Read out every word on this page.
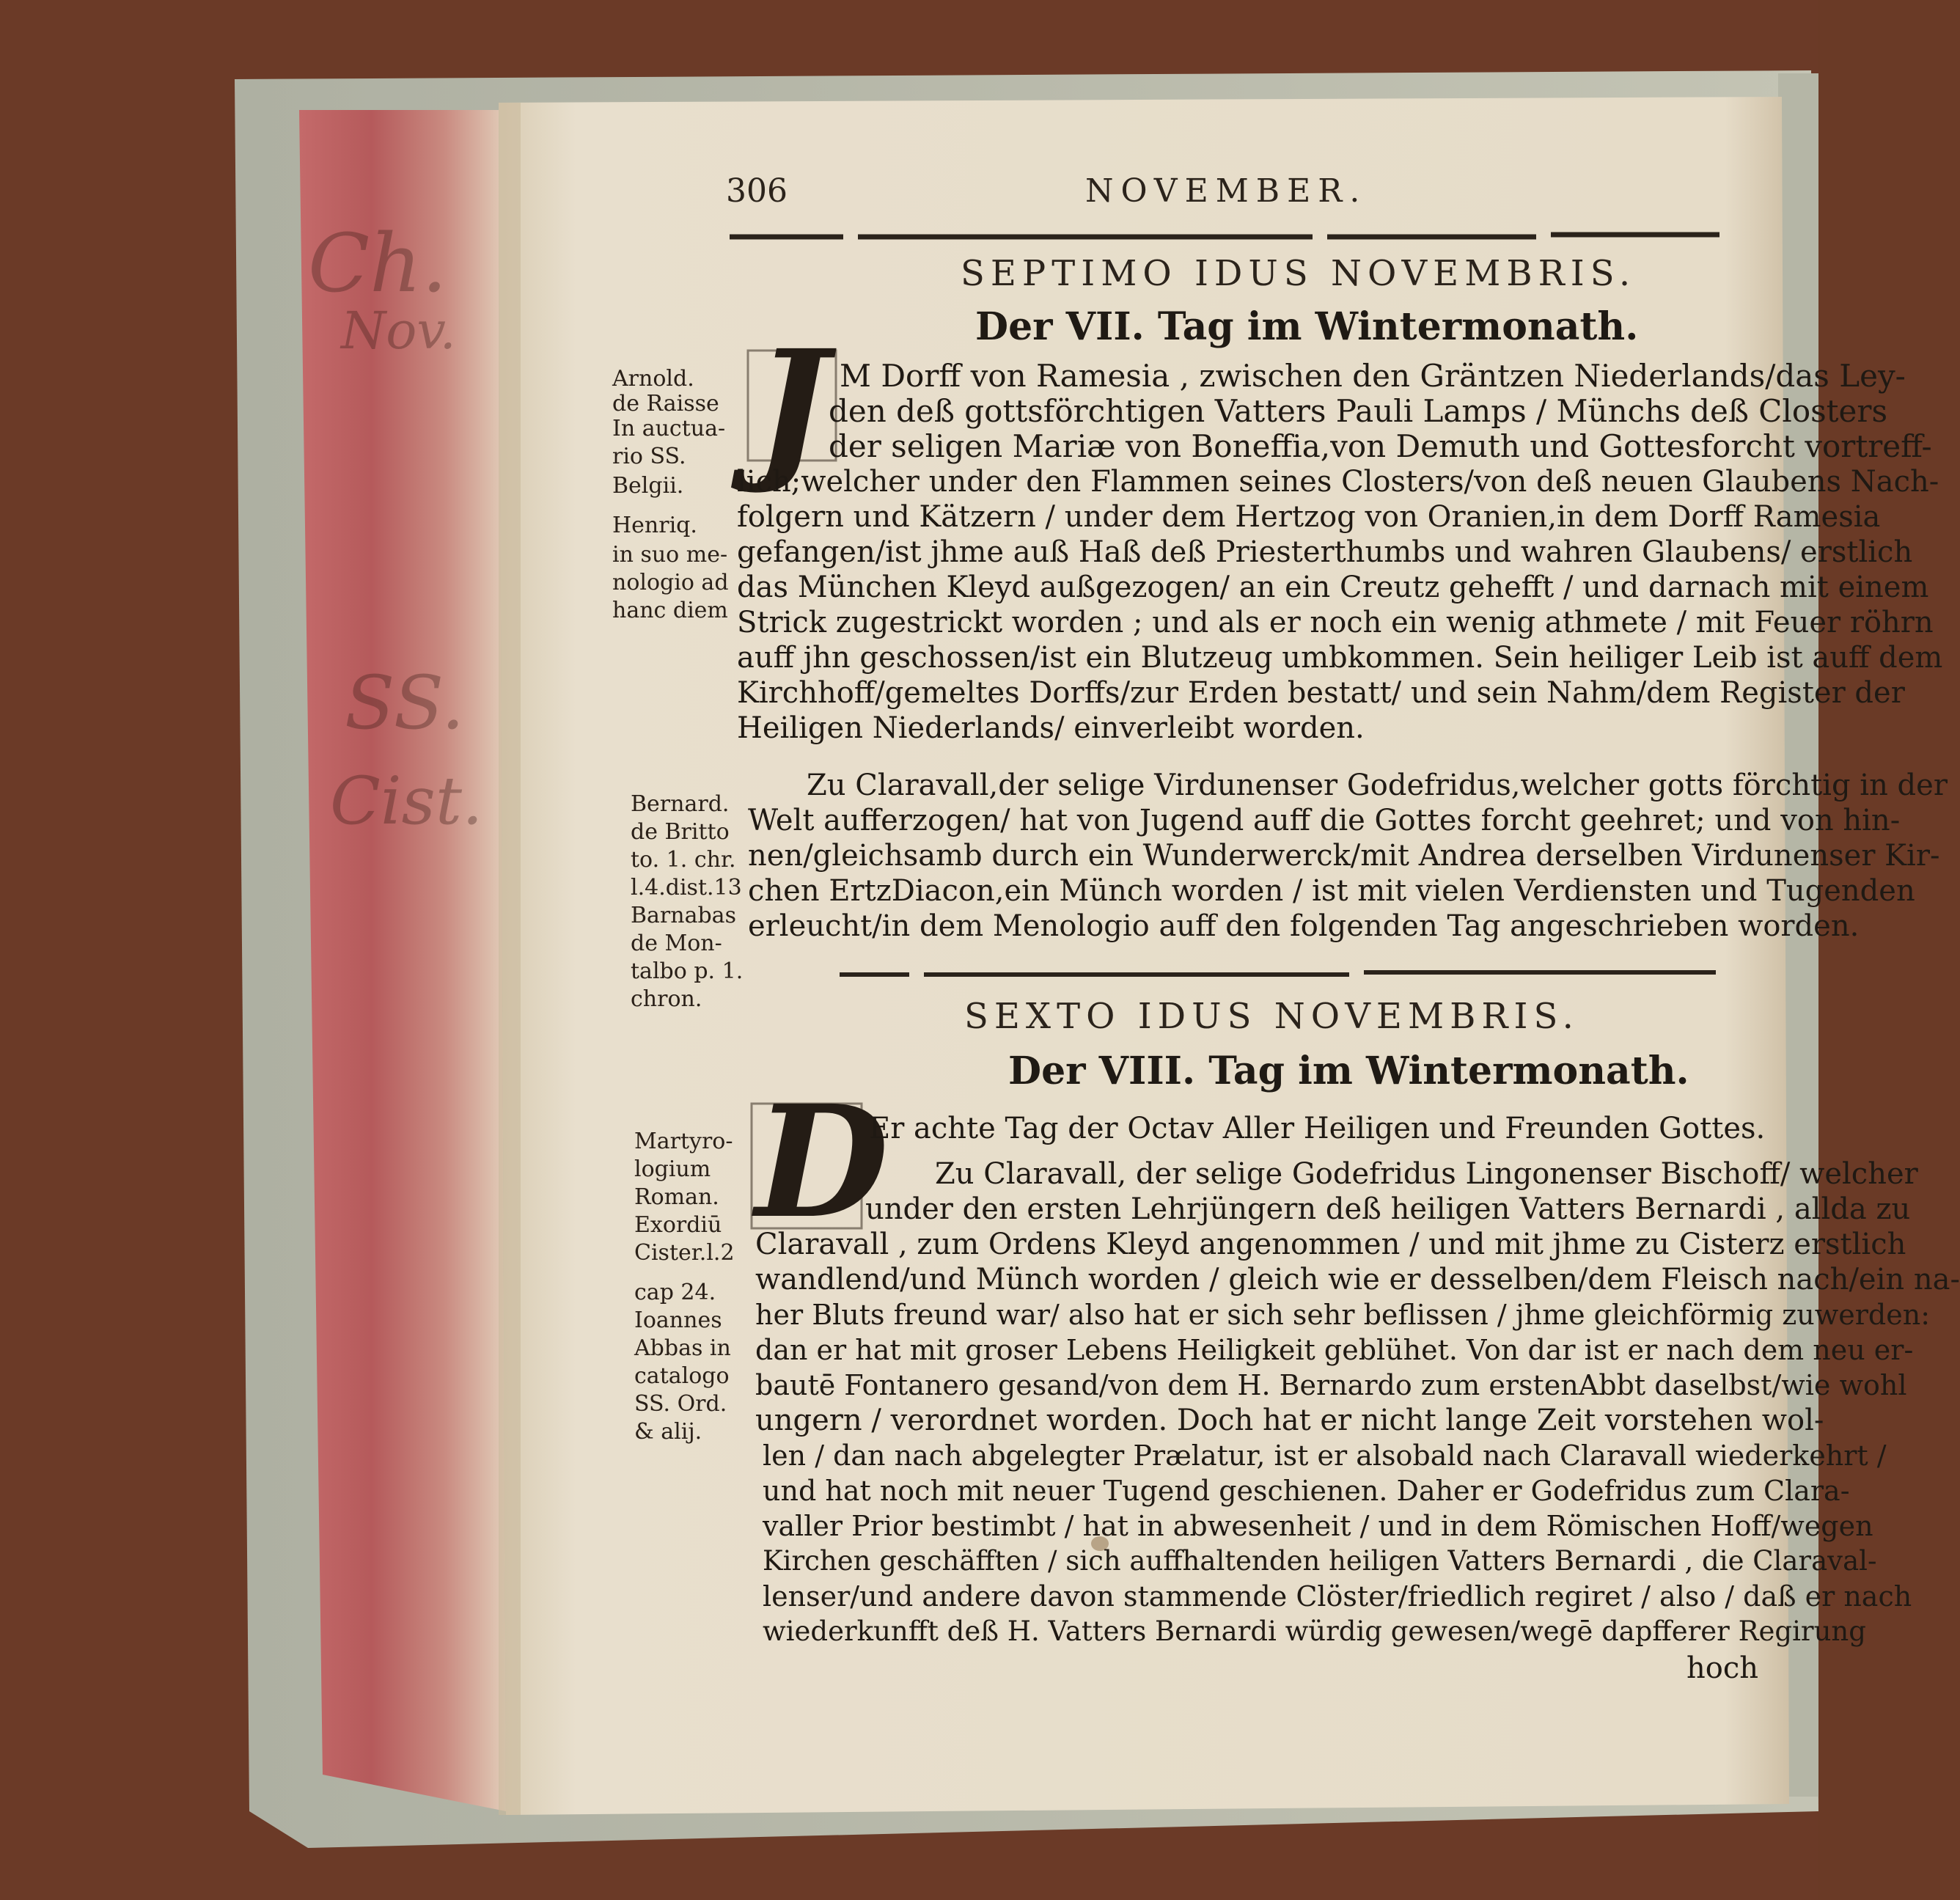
Ch.
Nov.
SS.
Cist.
306	NOVEMBER.
SEPTIMO IDUS NOVEMBRIS.
Der VII. Tag im Wintermonath.
J M Dorff von Ramesia , zwischen den Gräntzen Niederlands/das Ley-
den deß gottsförchtigen Vatters Pauli Lamps / Münchs deß Closters
der seligen Mariæ von Boneffia,von Demuth und Gottesforcht vortreff-
lich;welcher under den Flammen seines Closters/von deß neuen Glaubens Nach-
folgern und Kätzern / under dem Hertzog von Oranien,in dem Dorff Ramesia
gefangen/ist jhme auß Haß deß Priesterthumbs und wahren Glaubens/ erstlich
das München Kleyd außgezogen/ an ein Creutz gehefft / und darnach mit einem
Strick zugestrickt worden ; und als er noch ein wenig athmete / mit Feuer röhrn
auff jhn geschossen/ist ein Blutzeug umbkommen. Sein heiliger Leib ist auff dem
Kirchhoff/gemeltes Dorffs/zur Erden bestatt/ und sein Nahm/dem Register der
Heiligen Niederlands/ einverleibt worden.
Zu Claravall,der selige Virdunenser Godefridus,welcher gotts förchtig in der
Welt aufferzogen/ hat von Jugend auff die Gottes forcht geehret; und von hin-
nen/gleichsamb durch ein Wunderwerck/mit Andrea derselben Virdunenser Kir-
chen ErtzDiacon,ein Münch worden / ist mit vielen Verdiensten und Tugenden
erleucht/in dem Menologio auff den folgenden Tag angeschrieben worden.
Arnold.
de Raisse
In auctua-
rio SS.
Belgii.
Henriq.
in suo me-
nologio ad
hanc diem
Bernard.
de Britto
to. 1. chr.
l.4.dist.13
Barnabas
de Mon-
talbo p. 1.
chron.	SEXTO IDUS NOVEMBRIS.
Der VIII. Tag im Wintermonath.
D
Er achte Tag der Octav Aller Heiligen und Freunden Gottes.
Zu Claravall, der selige Godefridus Lingonenser Bischoff/ welcher
under den ersten Lehrjüngern deß heiligen Vatters Bernardi , allda zu
Claravall , zum Ordens Kleyd angenommen / und mit jhme zu Cisterz erstlich
wandlend/und Münch worden / gleich wie er desselben/dem Fleisch nach/ein na-
her Bluts freund war/ also hat er sich sehr beflissen / jhme gleichförmig zuwerden:
dan er hat mit groser Lebens Heiligkeit geblühet. Von dar ist er nach dem neu er-
bautē Fontanero gesand/von dem H. Bernardo zum erstenAbbt daselbst/wie wohl
ungern / verordnet worden. Doch hat er nicht lange Zeit vorstehen wol-
len / dan nach abgelegter Prælatur, ist er alsobald nach Claravall wiederkehrt /
und hat noch mit neuer Tugend geschienen. Daher er Godefridus zum Clara-
valler Prior bestimbt / hat in abwesenheit / und in dem Römischen Hoff/wegen
Kirchen geschäfften / sich auffhaltenden heiligen Vatters Bernardi , die Claraval-
lenser/und andere davon stammende Clöster/friedlich regiret / also / daß er nach
wiederkunfft deß H. Vatters Bernardi würdig gewesen/wegē dapfferer Regirung
hoch
Martyro-
logium
Roman.
Exordiū
Cister.l.2
cap 24.
Ioannes
Abbas in
catalogo
SS. Ord.
& alij.
